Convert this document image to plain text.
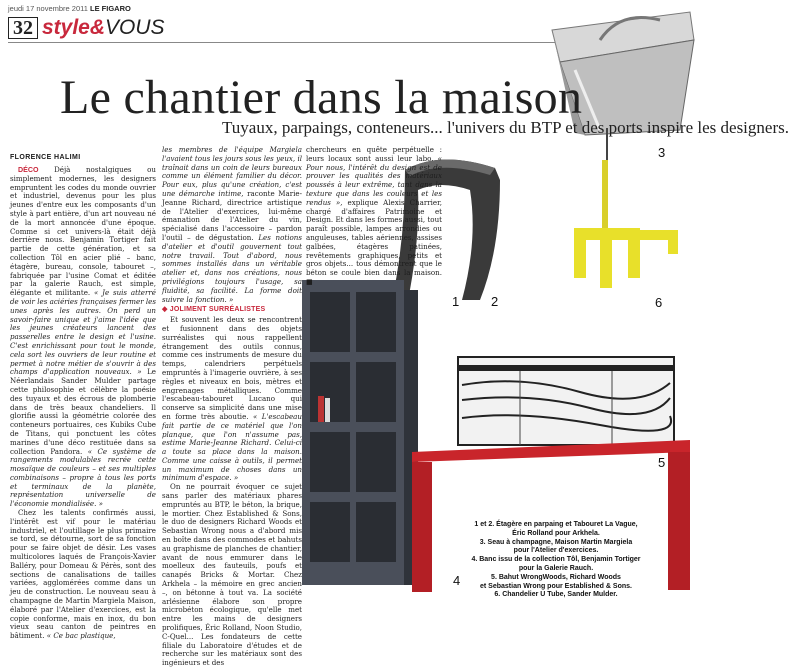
jeudi 17 novembre 2011 LE FIGARO
32 style&VOUS
1 2
3
4
5
6
Le chantier dans la maison
Tuyaux, parpaings, conteneurs... l'univers du BTP et des ports inspire les designers.
FLORENCE HALIMI

DÉCO Déjà nostalgiques ou simplement modernes, les designers empruntent les codes du monde ouvrier et industriel, devenus pour les plus jeunes d'entre eux les composants d'un style à part entière, d'un art nouveau né de la mort annoncée d'une époque. Comme si cet univers-là était déjà derrière nous. Benjamin Tortiger fait partie de cette génération, et sa collection Tôl en acier plié – banc, étagère, bureau, console, tabouret –, fabriquée par l'usine Comat et éditée par la galerie Rauch, est simple, élégante et militante. « Je suis atterré de voir les aciéries françaises fermer les unes après les autres. On perd un savoir-faire unique et j'aime l'idée que les jeunes créateurs lancent des passerelles entre le design et l'usine. C'est enrichissant pour tout le monde, cela sort les ouvriers de leur routine et permet à notre métier de s'ouvrir à des champs d'application nouveaux. » Le Néerlandais Sander Mulder partage cette philosophie et célèbre la poésie des tuyaux et des écrous de plomberie dans de très beaux chandeliers. Il glorifie aussi la géométrie colorée des conteneurs portuaires, ces Kubiks Cube de Titans, qui ponctuent les côtes marines d'une déco restituée dans sa collection Pandora. « Ce système de rangements modulables recrée cette mosaïque de couleurs – et ses multiples combinaisons – propre à tous les ports et terminaux de la planète, représentation universelle de l'économie mondialisée. »

Chez les talents confirmés aussi, l'intérêt est vif pour le matériau industriel, et l'outillage le plus primaire se tord, se détourne, sort de sa fonction pour se faire objet de désir. Les vases multicolores laqués de François-Xavier Balléry, pour Domeau & Pérès, sont des sections de canalisations de tailles variées, agglomérées comme dans un jeu de construction. Le nouveau seau à champagne de Martin Margiela Maison, élaboré par l'Atelier d'exercices, est la copie conforme, mais en inox, du bon vieux seau canton de peintres en bâtiment. « Ce bac plastique,

les membres de l'équipe Margiela l'avaient tous les jours sous les yeux, il traînait dans un coin de leurs bureaux comme un élément familier du décor. Pour eux, plus qu'une création, c'est une démarche intime, raconte Marie-Jeanne Richard, directrice artistique de l'Atelier d'exercices, lui-même émanation de l'Atelier du vin, spécialisé dans l'accessoire – pardon l'outil – de dégustation. Les notions d'atelier et d'outil gouvernent tout notre travail. Tout d'abord, nous sommes installés dans un véritable atelier et, dans nos créations, nous privilégions toujours l'usage, sa fluidité, sa facilité. La forme doit suivre la fonction. »

◆ JOLIMENT SURRÉALISTES

Et souvent les deux se rencontrent et fusionnent dans des objets surréalistes qui nous rappellent étrangement des outils connus, comme ces instruments de mesure du temps, calendriers perpétuels empruntés à l'imagerie ouvrière, à ses règles et niveaux en bois, mètres et engrenages métalliques. Comme l'escabeau-tabouret Lucano qui conserve sa simplicité dans une mise en forme très aboutie. « L'escabeau fait partie de ce matériel que l'on planque, que l'on n'assume pas, estime Marie-Jeanne Richard. Celui-ci a toute sa place dans la maison. Comme une caisse à outils, il permet un maximum de choses dans un minimum d'espace. »

On ne pourrait évoquer ce sujet sans parler des matériaux phares empruntés au BTP, le béton, la brique, le mortier. Chez Established & Sons, le duo de designers Richard Woods et Sebastian Wrong nous a d'abord mis en boîte dans des commodes et bahuts au graphisme de planches de chantier, avant de nous emmurer dans le moelleux des fauteuils, poufs et canapés Bricks & Mortar. Chez Arkhela – la mémoire en grec ancien –, on bétonne à tout va. La société arlésienne élabore son propre microbéton écologique, qu'elle met entre les mains de designers prolifiques, Éric Rolland, Noon Studio, C-Quel... Les fondateurs de cette filiale du Laboratoire d'études et de recherche sur les matériaux sont des ingénieurs et des

chercheurs en quête perpétuelle : leurs locaux sont aussi leur labo. « Pour nous, l'intérêt du design est de prouver les qualités des matériaux poussés à leur extrême, tant dans la texture que dans les couleurs et les rendus », explique Alexis Charrier, chargé d'affaires Patrimoine et Design. Et dans les formes aussi, tout paraît possible, lampes arrondies ou anguleuses, tables aériennes, assises galbées, étagères patinées, revêtements graphiques, petits et gros objets... tous démontrent que le béton se coule bien dans la maison. ■

1 et 2. Étagère en parpaing et Tabouret La Vague,
Éric Rolland pour Arkhela.
3. Seau à champagne, Maison Martin Margiela
pour l'Atelier d'exercices.
4. Banc issu de la collection Tôl, Benjamin Tortiger
pour la Galerie Rauch.
5. Bahut WrongWoods, Richard Woods
et Sebastian Wrong pour Established & Sons.
6. Chandelier U Tube, Sander Mulder.
